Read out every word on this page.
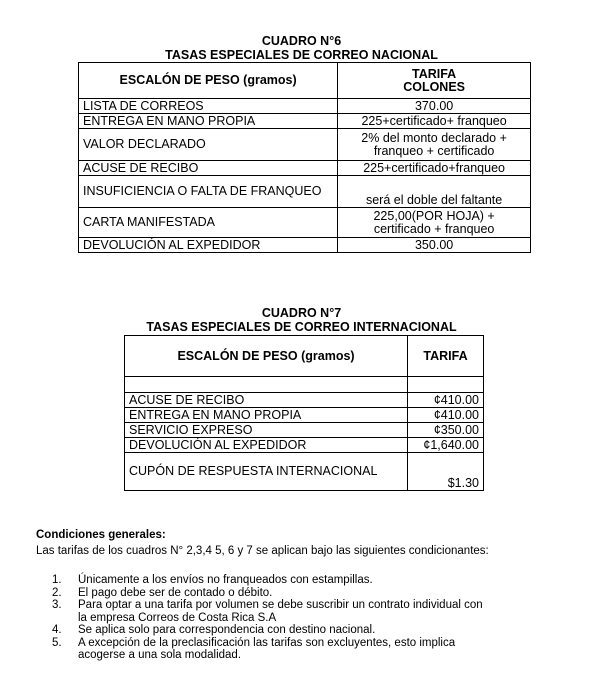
CUADRO N°6
TASAS ESPECIALES DE CORREO NACIONAL
ESCALÓN DE PESO (gramos)	TARIFA
COLONES

LISTA DE CORREOS	370.00
ENTREGA EN MANO PROPIA	225+certificado+ franqueo
VALOR DECLARADO	2% del monto declarado +
franqueo + certificado

ACUSE DE RECIBO	225+certificado+franqueo
INSUFICIENCIA O FALTA DE FRANQUEO	será el doble del faltante
CARTA MANIFESTADA	225,00(POR HOJA) +
certificado + franqueo

DEVOLUCIÓN AL EXPEDIDOR	350.00
CUADRO N°7
TASAS ESPECIALES DE CORREO INTERNACIONAL
ESCALÓN DE PESO (gramos)	TARIFA

ACUSE DE RECIBO	¢410.00
ENTREGA EN MANO PROPIA	¢410.00
SERVICIO EXPRESO	¢350.00
DEVOLUCIÓN AL EXPEDIDOR	¢1,640.00
CUPÓN DE RESPUESTA INTERNACIONAL	$1.30
Condiciones generales:
Las tarifas de los cuadros N° 2,3,4 5, 6 y 7 se aplican bajo las siguientes condicionantes:
1. Únicamente a los envíos no franqueados con estampillas.
2. El pago debe ser de contado o débito.
3. Para optar a una tarifa por volumen se debe suscribir un contrato individual con
la empresa Correos de Costa Rica S.A
4. Se aplica solo para correspondencia con destino nacional.
5. A excepción de la preclasificación las tarifas son excluyentes, esto implica
acogerse a una sola modalidad.
